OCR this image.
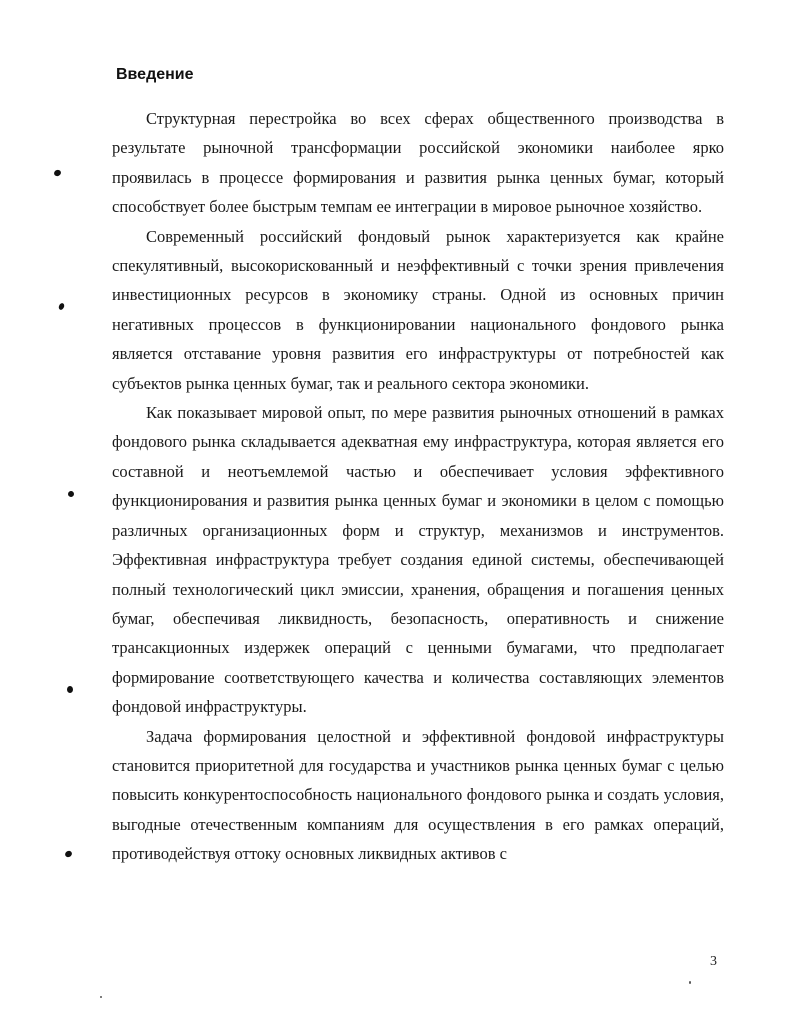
Введение

Структурная перестройка во всех сферах общественного производства в результате рыночной трансформации российской экономики наиболее ярко проявилась в процессе формирования и развития рынка ценных бумаг, который способствует более быстрым темпам ее интеграции в мировое рыночное хозяйство.

Современный российский фондовый рынок характеризуется как крайне спекулятивный, высокорискованный и неэффективный с точки зрения привлечения инвестиционных ресурсов в экономику страны. Одной из основных причин негативных процессов в функционировании национального фондового рынка является отставание уровня развития его инфраструктуры от потребностей как субъектов рынка ценных бумаг, так и реального сектора экономики.

Как показывает мировой опыт, по мере развития рыночных отношений в рамках фондового рынка складывается адекватная ему инфраструктура, которая является его составной и неотъемлемой частью и обеспечивает условия эффективного функционирования и развития рынка ценных бумаг и экономики в целом с помощью различных организационных форм и структур, механизмов и инструментов. Эффективная инфраструктура требует создания единой системы, обеспечивающей полный технологический цикл эмиссии, хранения, обращения и погашения ценных бумаг, обеспечивая ликвидность, безопасность, оперативность и снижение трансакционных издержек операций с ценными бумагами, что предполагает формирование соответствующего качества и количества составляющих элементов фондовой инфраструктуры.

Задача формирования целостной и эффективной фондовой инфраструктуры становится приоритетной для государства и участников рынка ценных бумаг с целью повысить конкурентоспособность национального фондового рынка и создать условия, выгодные отечественным компаниям для осуществления в его рамках операций, противодействуя оттоку основных ликвидных активов с

3
